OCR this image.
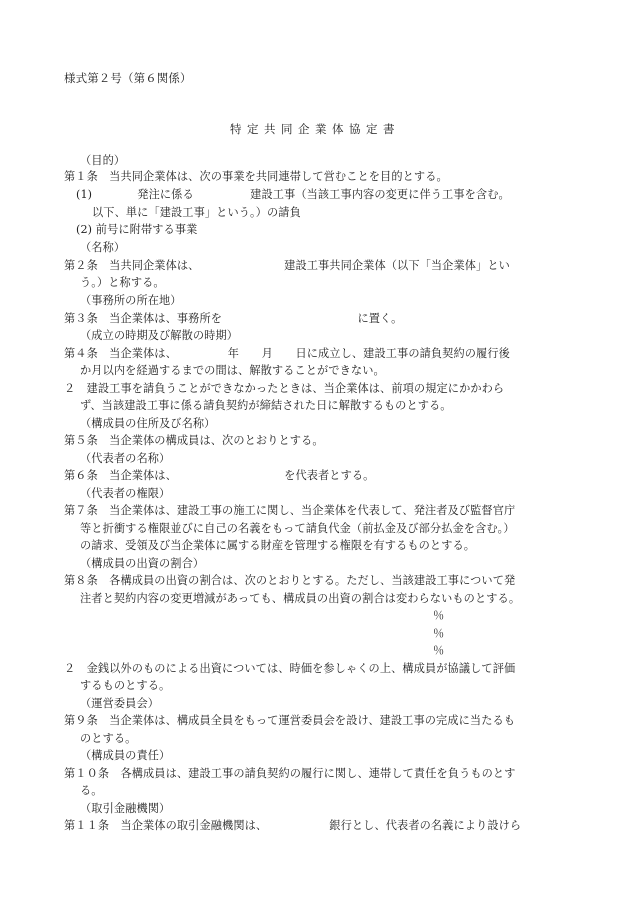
様式第２号（第６関係）
特定共同企業体協定書
（目的）
第１条　当共同企業体は、次の事業を共同連帯して営むことを目的とする。
(1)　　　　発注に係る　　　　　建設工事（当該工事内容の変更に伴う工事を含む。
以下、単に「建設工事」という。）の請負
(2) 前号に附帯する事業
（名称）
第２条　当共同企業体は、　　　　　　　　建設工事共同企業体（以下「当企業体」とい
う。）と称する。
（事務所の所在地）
第３条　当企業体は、事務所を　　　　　　　　　　　　に置く。
（成立の時期及び解散の時期）
第４条　当企業体は、　　　　　年　　月　　日に成立し、建設工事の請負契約の履行後
か月以内を経過するまでの間は、解散することができない。
２　建設工事を請負うことができなかったときは、当企業体は、前項の規定にかかわら
ず、当該建設工事に係る請負契約が締結された日に解散するものとする。
（構成員の住所及び名称）
第５条　当企業体の構成員は、次のとおりとする。
（代表者の名称）
第６条　当企業体は、　　　　　　　　　　を代表者とする。
（代表者の権限）
第７条　当企業体は、建設工事の施工に関し、当企業体を代表して、発注者及び監督官庁
等と折衝する権限並びに自己の名義をもって請負代金（前払金及び部分払金を含む。）
の請求、受領及び当企業体に属する財産を管理する権限を有するものとする。
（構成員の出資の割合）
第８条　各構成員の出資の割合は、次のとおりとする。ただし、当該建設工事について発
注者と契約内容の変更増減があっても、構成員の出資の割合は変わらないものとする。
％
％
％
２　金銭以外のものによる出資については、時価を参しゃくの上、構成員が協議して評価
するものとする。
（運営委員会）
第９条　当企業体は、構成員全員をもって運営委員会を設け、建設工事の完成に当たるも
のとする。
（構成員の責任）
第１０条　各構成員は、建設工事の請負契約の履行に関し、連帯して責任を負うものとす
る。
（取引金融機関）
第１１条　当企業体の取引金融機関は、　　　　　　銀行とし、代表者の名義により設けら
